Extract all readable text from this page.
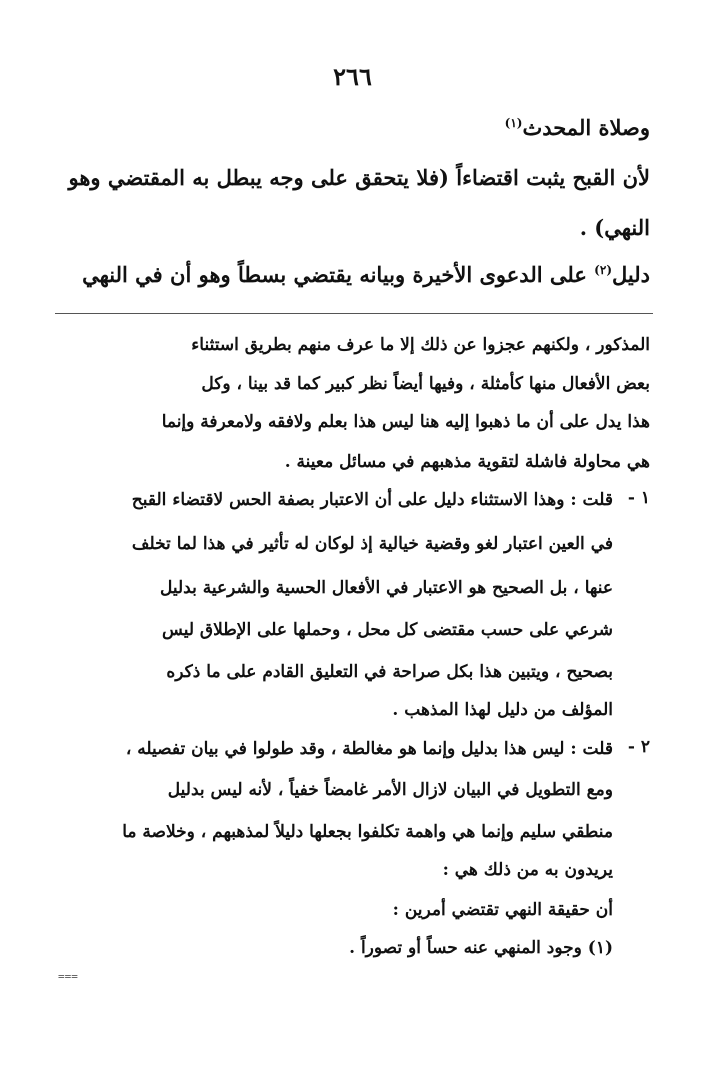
٢٦٦
وصلاة المحدث$^{(١)}$
لأن القبح يثبت اقتضاءاً (فلا يتحقق على وجه يبطل به المقتضي وهو
النهي) .
دليل$^{(٢)}$ على الدعوى الأخيرة وبيانه يقتضي بسطاً وهو أن في النهي
المذكور ، ولكنهم عجزوا عن ذلك إلا ما عرف منهم بطريق استثناء
بعض الأفعال منها كأمثلة ، وفيها أيضاً نظر كبير كما قد بينا ، وكل
هذا يدل على أن ما ذهبوا إليه هنا ليس هذا بعلم ولافقه ولامعرفة وإنما
هي محاولة فاشلة لتقوية مذهبهم في مسائل معينة .
١ -
قلت : وهذا الاستثناء دليل على أن الاعتبار بصفة الحس لاقتضاء القبح
في العين اعتبار لغو وقضية خيالية إذ لوكان له تأثير في هذا لما تخلف
عنها ، بل الصحيح هو الاعتبار في الأفعال الحسية والشرعية بدليل
شرعي على حسب مقتضى كل محل ، وحملها على الإطلاق ليس
بصحيح ، ويتبين هذا بكل صراحة في التعليق القادم على ما ذكره
المؤلف من دليل لهذا المذهب .
٢ -
قلت : ليس هذا بدليل وإنما هو مغالطة ، وقد طولوا في بيان تفصيله ،
ومع التطويل في البيان لازال الأمر غامضاً خفياً ، لأنه ليس بدليل
منطقي سليم وإنما هي واهمة تكلفوا بجعلها دليلاً لمذهبهم ، وخلاصة ما
يريدون به من ذلك هي :
أن حقيقة النهي تقتضي أمرين :
(١) وجود المنهي عنه حساً أو تصوراً .
===
